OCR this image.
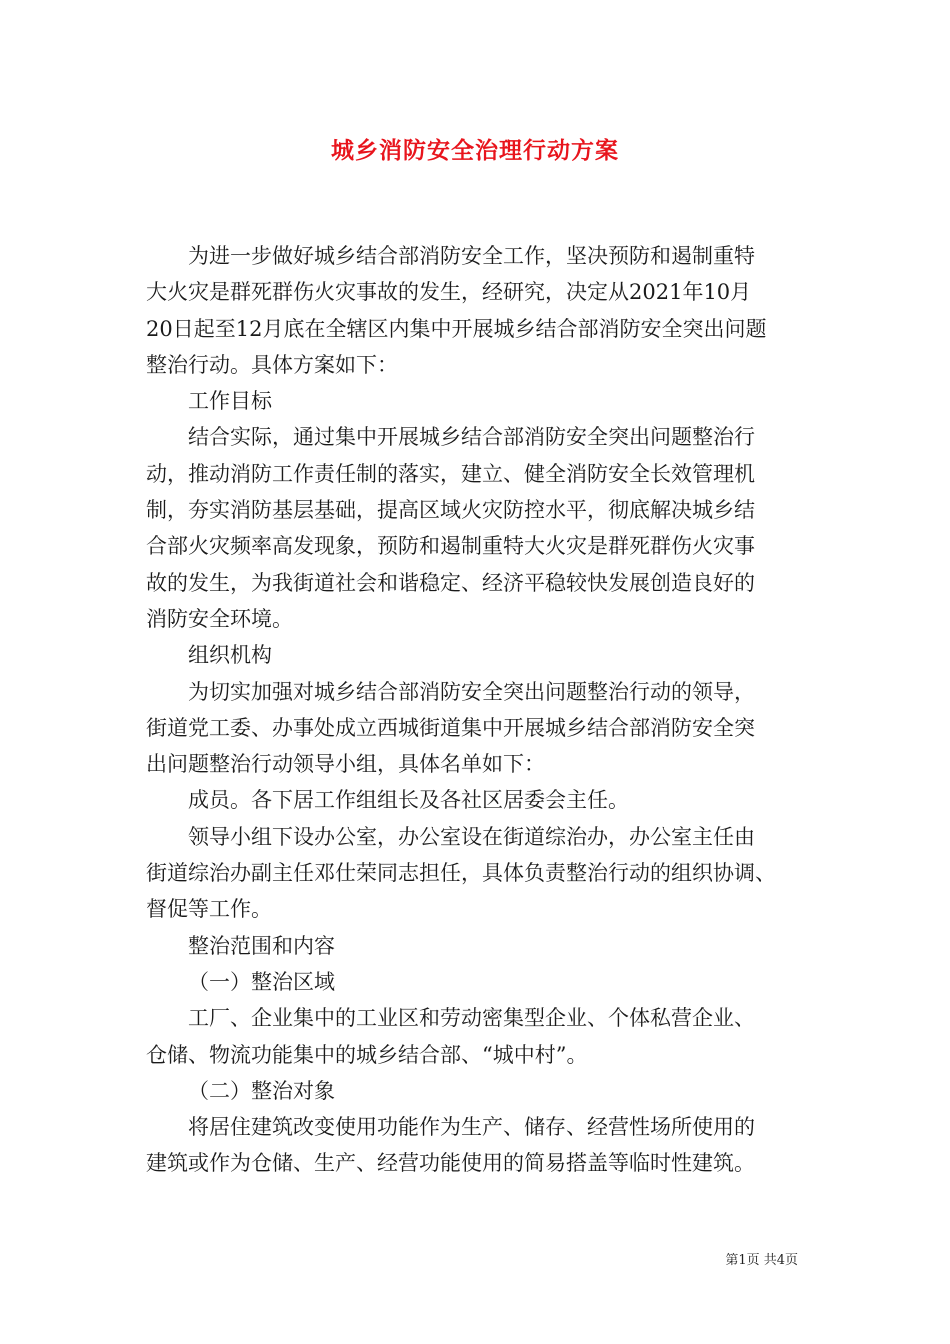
城乡消防安全治理行动方案
为进一步做好城乡结合部消防安全工作，坚决预防和遏制重特
大火灾是群死群伤火灾事故的发生，经研究，决定从2021年10月
20日起至12月底在全辖区内集中开展城乡结合部消防安全突出问题
整治行动。具体方案如下：
工作目标
结合实际，通过集中开展城乡结合部消防安全突出问题整治行
动，推动消防工作责任制的落实，建立、健全消防安全长效管理机
制，夯实消防基层基础，提高区域火灾防控水平，彻底解决城乡结
合部火灾频率高发现象，预防和遏制重特大火灾是群死群伤火灾事
故的发生，为我街道社会和谐稳定、经济平稳较快发展创造良好的
消防安全环境。
组织机构
为切实加强对城乡结合部消防安全突出问题整治行动的领导，
街道党工委、办事处成立西城街道集中开展城乡结合部消防安全突
出问题整治行动领导小组，具体名单如下：
成员。各下居工作组组长及各社区居委会主任。
领导小组下设办公室，办公室设在街道综治办，办公室主任由
街道综治办副主任邓仕荣同志担任，具体负责整治行动的组织协调、
督促等工作。
整治范围和内容
（一）整治区域
工厂、企业集中的工业区和劳动密集型企业、个体私营企业、
仓储、物流功能集中的城乡结合部、“城中村”。
（二）整治对象
将居住建筑改变使用功能作为生产、储存、经营性场所使用的
建筑或作为仓储、生产、经营功能使用的简易搭盖等临时性建筑。
第1页 共4页
